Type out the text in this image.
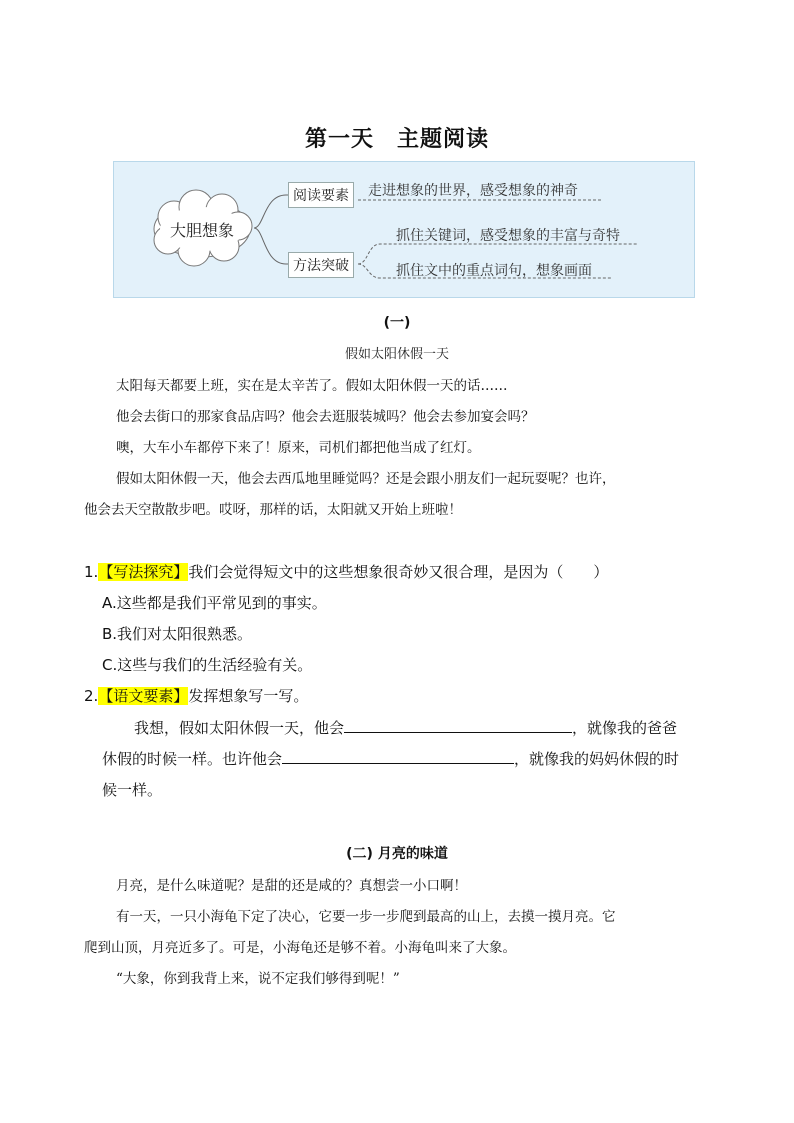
第一天　主题阅读
大胆想象
阅读要素	走进想象的世界，感受想象的神奇
方法突破
抓住关键词，感受想象的丰富与奇特
抓住文中的重点词句，想象画面
(一)
假如太阳休假一天
太阳每天都要上班，实在是太辛苦了。假如太阳休假一天的话……
他会去街口的那家食品店吗？他会去逛服装城吗？他会去参加宴会吗？
噢，大车小车都停下来了！原来，司机们都把他当成了红灯。
假如太阳休假一天，他会去西瓜地里睡觉吗？还是会跟小朋友们一起玩耍呢？也许，
他会去天空散散步吧。哎呀，那样的话，太阳就又开始上班啦！
1.【写法探究】我们会觉得短文中的这些想象很奇妙又很合理，是因为（　　）
A.这些都是我们平常见到的事实。
B.我们对太阳很熟悉。
C.这些与我们的生活经验有关。
2.【语文要素】发挥想象写一写。
我想，假如太阳休假一天，他会	，就像我的爸爸
休假的时候一样。也许他会	，就像我的妈妈休假的时
候一样。
(二) 月亮的味道
月亮，是什么味道呢？是甜的还是咸的？真想尝一小口啊！
有一天，一只小海龟下定了决心，它要一步一步爬到最高的山上，去摸一摸月亮。它
爬到山顶，月亮近多了。可是，小海龟还是够不着。小海龟叫来了大象。
“大象，你到我背上来，说不定我们够得到呢！”
